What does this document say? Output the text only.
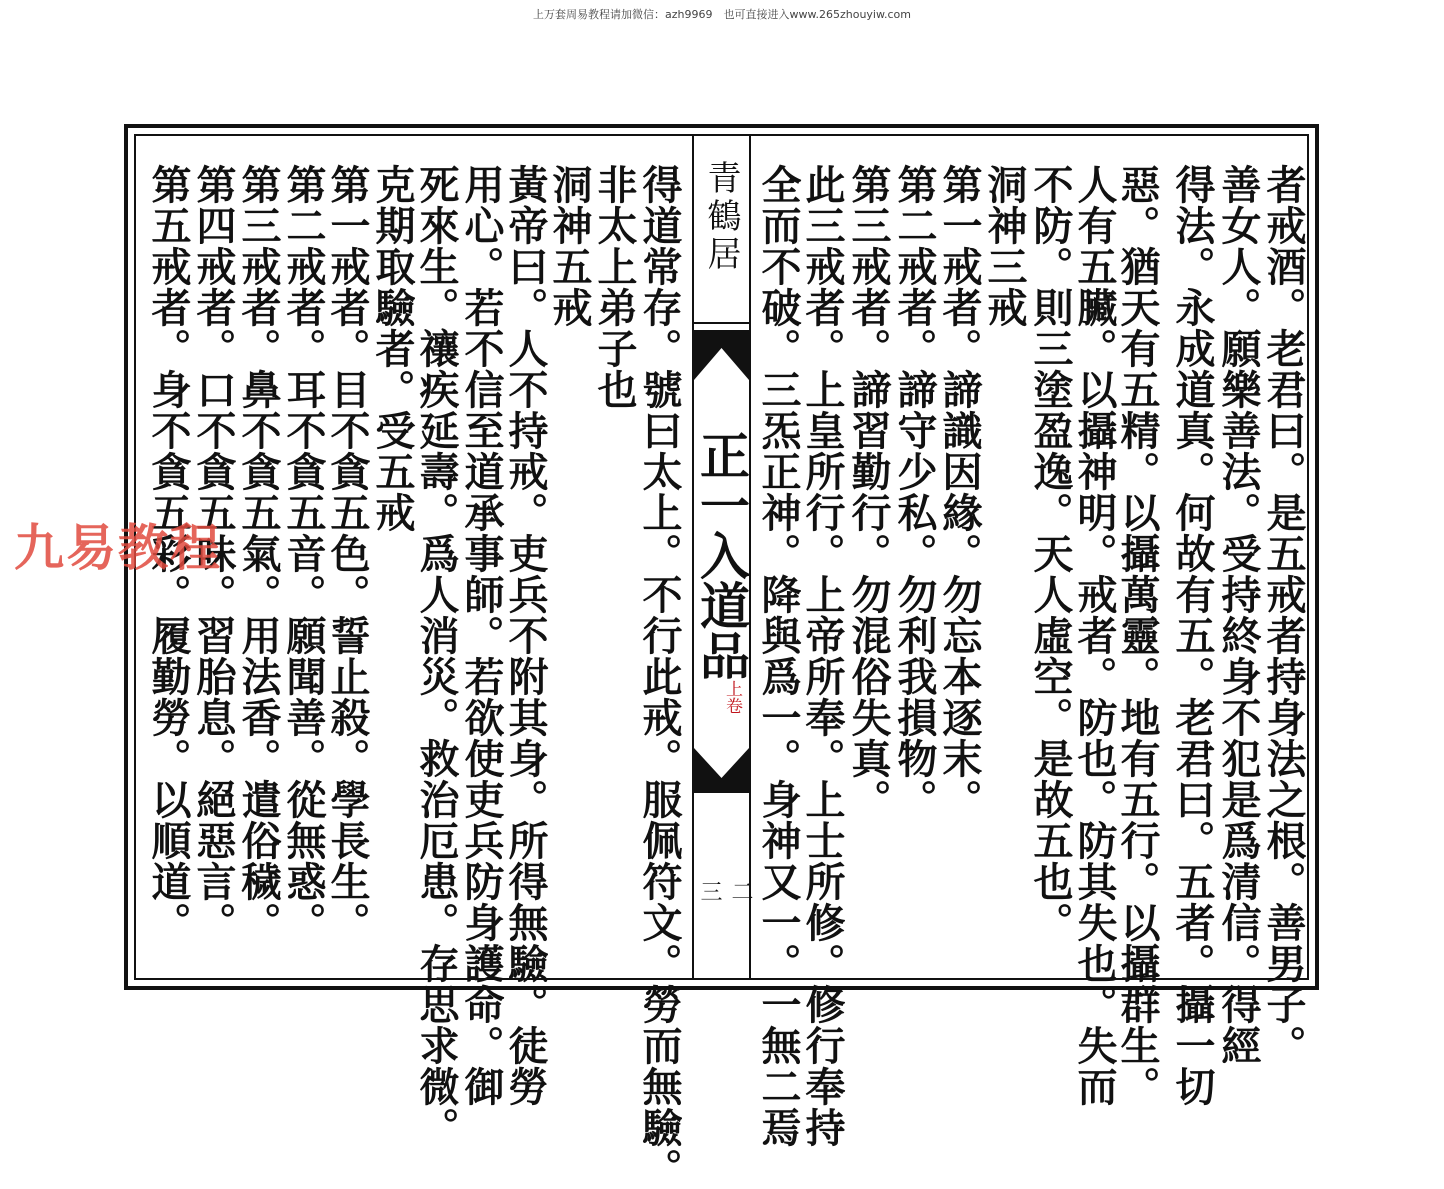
上万套周易教程请加微信：azh9969　也可直接进入www.265zhouyiw.com
青鶴居
正一入道品
上卷
三 二	者戒酒。老君曰。是五戒者持身法之根。善男子。
善女人。願樂善法。受持終身不犯是爲清信。得經
得法。永成道真。何故有五。老君曰。五者。攝一切
惡。猶天有五精。以攝萬靈。地有五行。以攝群生。
人有五臟。以攝神明。戒者。防也。防其失也。失而
不防。則三塗盈逸。天人虛空。是故五也。
洞神三戒
第一戒者。諦識因緣。勿忘本逐末。
第二戒者。諦守少私。勿利我損物。
第三戒者。諦習勤行。勿混俗失真。
此三戒者。上皇所行。上帝所奉。上士所修。修行奉持
全而不破。三炁正神。降與爲一。身神又一。一無二焉
得道常存。號曰太上。不行此戒。服佩符文。勞而無驗。
非太上弟子也
洞神五戒
黃帝曰。人不持戒。吏兵不附其身。所得無驗。徒勞
用心。若不信至道承事師。若欲使吏兵防身護命。御
死來生。禳疾延壽。爲人消災。救治厄患。存思求微。
克期取驗者。受五戒
第一戒者。目不貪五色。誓止殺。學長生。
第二戒者。耳不貪五音。願聞善。從無惑。
第三戒者。鼻不貪五氣。用法香。遣俗穢。
第四戒者。口不貪五味。習胎息。絕惡言。
第五戒者。身不貪五彩。履勤勞。以順道。
九易教程
